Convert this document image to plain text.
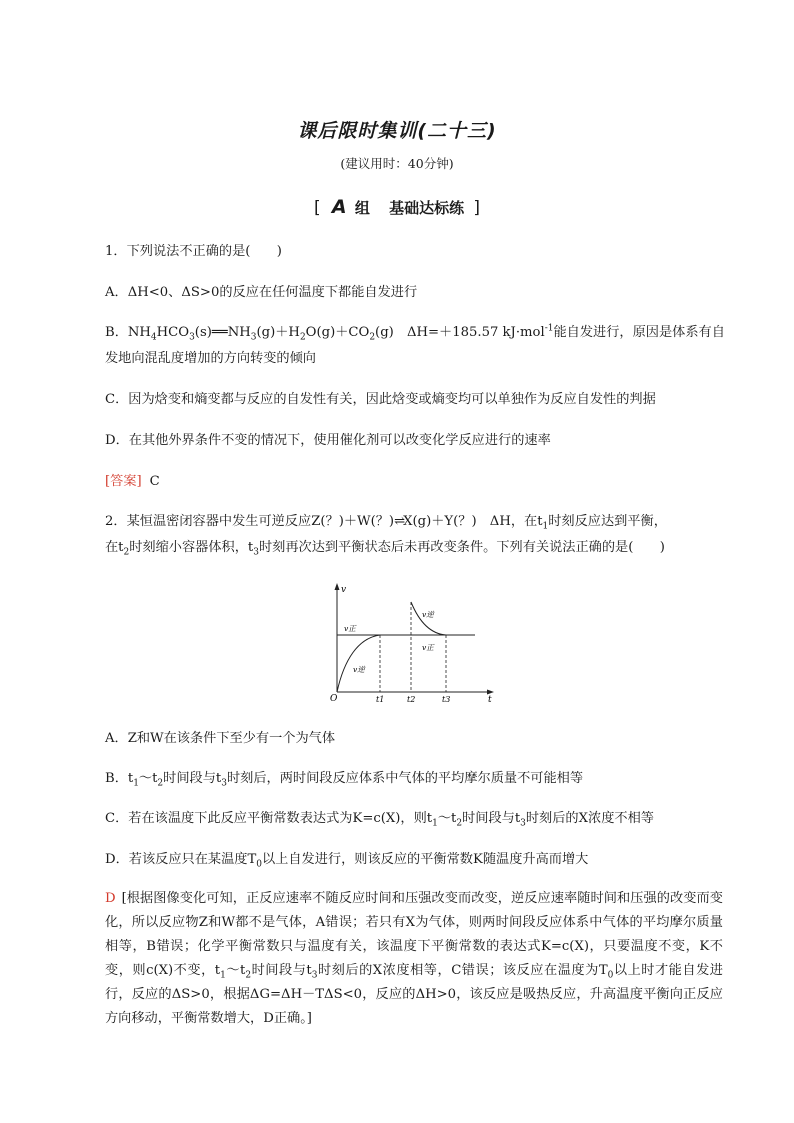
课后限时集训(二十三)
(建议用时：40分钟)
[ A 组 基础达标练 ]
1．下列说法不正确的是(　　)
A．ΔH<0、ΔS>0的反应在任何温度下都能自发进行
B．$NH_4HCO_3(s)══NH_3(g)+H_2O(g)+CO_2(g)$　ΔH=＋185.57 kJ·mol$^{-1}$能自发进行，原因是体系有自
发地向混乱度增加的方向转变的倾向
C．因为焓变和熵变都与反应的自发性有关，因此焓变或熵变均可以单独作为反应自发性的判据
D．在其他外界条件不变的情况下，使用催化剂可以改变化学反应进行的速率
[答案] C
2．某恒温密闭容器中发生可逆反应Z(？)＋W(？)⇌X(g)＋Y(？)　ΔH，在$t_1$时刻反应达到平衡，
在$t_2$时刻缩小容器体积，$t_3$时刻再次达到平衡状态后未再改变条件。下列有关说法正确的是(　　)
v
t
O
v正
v逆
v逆
v正
t1	t2	t3
A．Z和W在该条件下至少有一个为气体
B．$t_1\sim t_2$时间段与$t_3$时刻后，两时间段反应体系中气体的平均摩尔质量不可能相等
C．若在该温度下此反应平衡常数表达式为K=c(X)，则$t_1\sim t_2$时间段与$t_3$时刻后的X浓度不相等
D．若该反应只在某温度$T_0$以上自发进行，则该反应的平衡常数K随温度升高而增大
D [根据图像变化可知，正反应速率不随反应时间和压强改变而改变，逆反应速率随时间和压强的改变而变化，所以反应物Z和W都不是气体，A错误；若只有X为气体，则两时间段反应体系中气体的平均摩尔质量相等，B错误；化学平衡常数只与温度有关，该温度下平衡常数的表达式K=c(X)，只要温度不变，K不变，则c(X)不变，$t_1\sim t_2$时间段与$t_3$时刻后的X浓度相等，C错误；该反应在温度为$T_0$以上时才能自发进行，反应的ΔS>0，根据ΔG=ΔH－TΔS<0，反应的ΔH>0，该反应是吸热反应，升高温度平衡向正反应方向移动，平衡常数增大，D正确。]
